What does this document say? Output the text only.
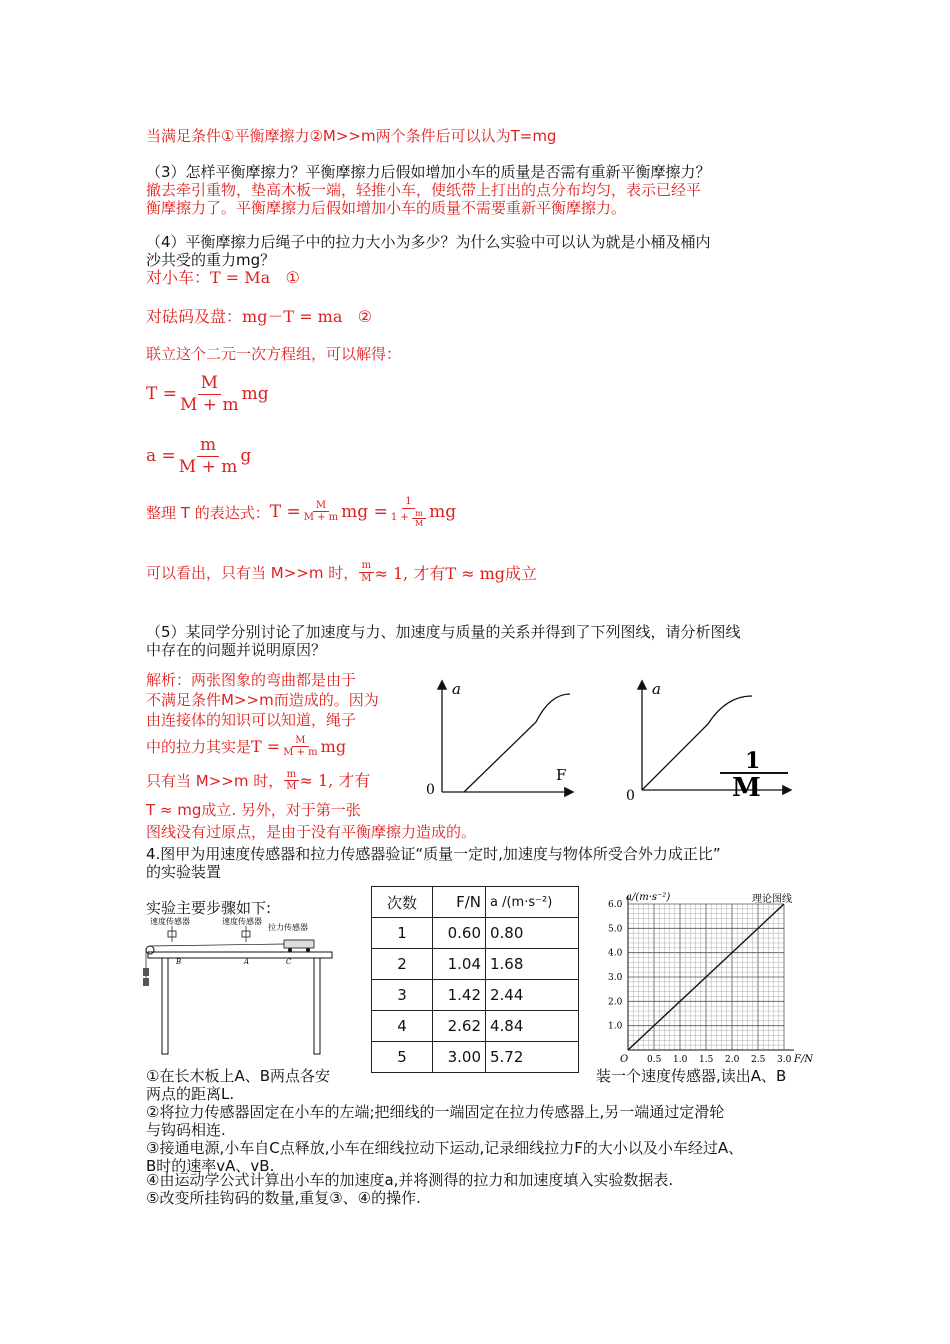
当满足条件①平衡摩擦力②M>>m两个条件后可以认为T=mg
（3）怎样平衡摩擦力？平衡摩擦力后假如增加小车的质量是否需有重新平衡摩擦力？
撤去牵引重物，垫高木板一端，轻推小车，使纸带上打出的点分布均匀，表示已经平
衡摩擦力了。平衡摩擦力后假如增加小车的质量不需要重新平衡摩擦力。
（4）平衡摩擦力后绳子中的拉力大小为多少？为什么实验中可以认为就是小桶及桶内
沙共受的重力mg？
对小车：T = Ma ①
对砝码及盘：mg－T = ma ②
联立这个二元一次方程组，可以解得：
$T = \frac{M}{M + m}$ mg
$a = \frac{m}{M + m}$ g
整理 T 的表达式： $T = \frac{M}{M + m}$ mg = 1
1 +
$\frac{m}{M}$ mg
可以看出，只有当 M>>m 时， $\frac{m}{M} \approx 1$, 才有 T ≈ mg成立
（5）某同学分别讨论了加速度与力、加速度与质量的关系并得到了下列图线，请分析图线
中存在的问题并说明原因？
解析：两张图象的弯曲都是由于
不满足条件M>>m而造成的。因为
由连接体的知识可以知道，绳子
中的拉力其实是 $T = \frac{M}{M + m}$ mg
只有当 M>>m 时， $\frac{m}{M} \approx 1$, 才有
T ≈ mg成立. 另外，对于第一张
图线没有过原点，是由于没有平衡摩擦力造成的。
a
F
0
a
0
1
M
4.图甲为用速度传感器和拉力传感器验证“质量一定时,加速度与物体所受合外力成正比”
的实验装置
实验主要步骤如下:
速度传感器	速度传感器
拉力传感器
B	A	C
次数	F/N	a /(m·s⁻²)
1	0.60	0.80
2	1.04	1.68
3	1.42	2.44
4	2.62	4.84
5	3.00	5.72
a/(m·s⁻²)	理论图线
F/N
O 0.5 1.0 1.5 2.0 2.5 3.0
1.0
2.0
3.0
4.0
5.0
6.0
①在长木板上A、B两点各安	装一个速度传感器,读出A、B
两点的距离L.
②将拉力传感器固定在小车的左端;把细线的一端固定在拉力传感器上,另一端通过定滑轮
与钩码相连.
③接通电源,小车自C点释放,小车在细线拉动下运动,记录细线拉力F的大小以及小车经过A、
B时的速率vA、vB.
④由运动学公式计算出小车的加速度a,并将测得的拉力和加速度填入实验数据表.
⑤改变所挂钩码的数量,重复③、④的操作.
